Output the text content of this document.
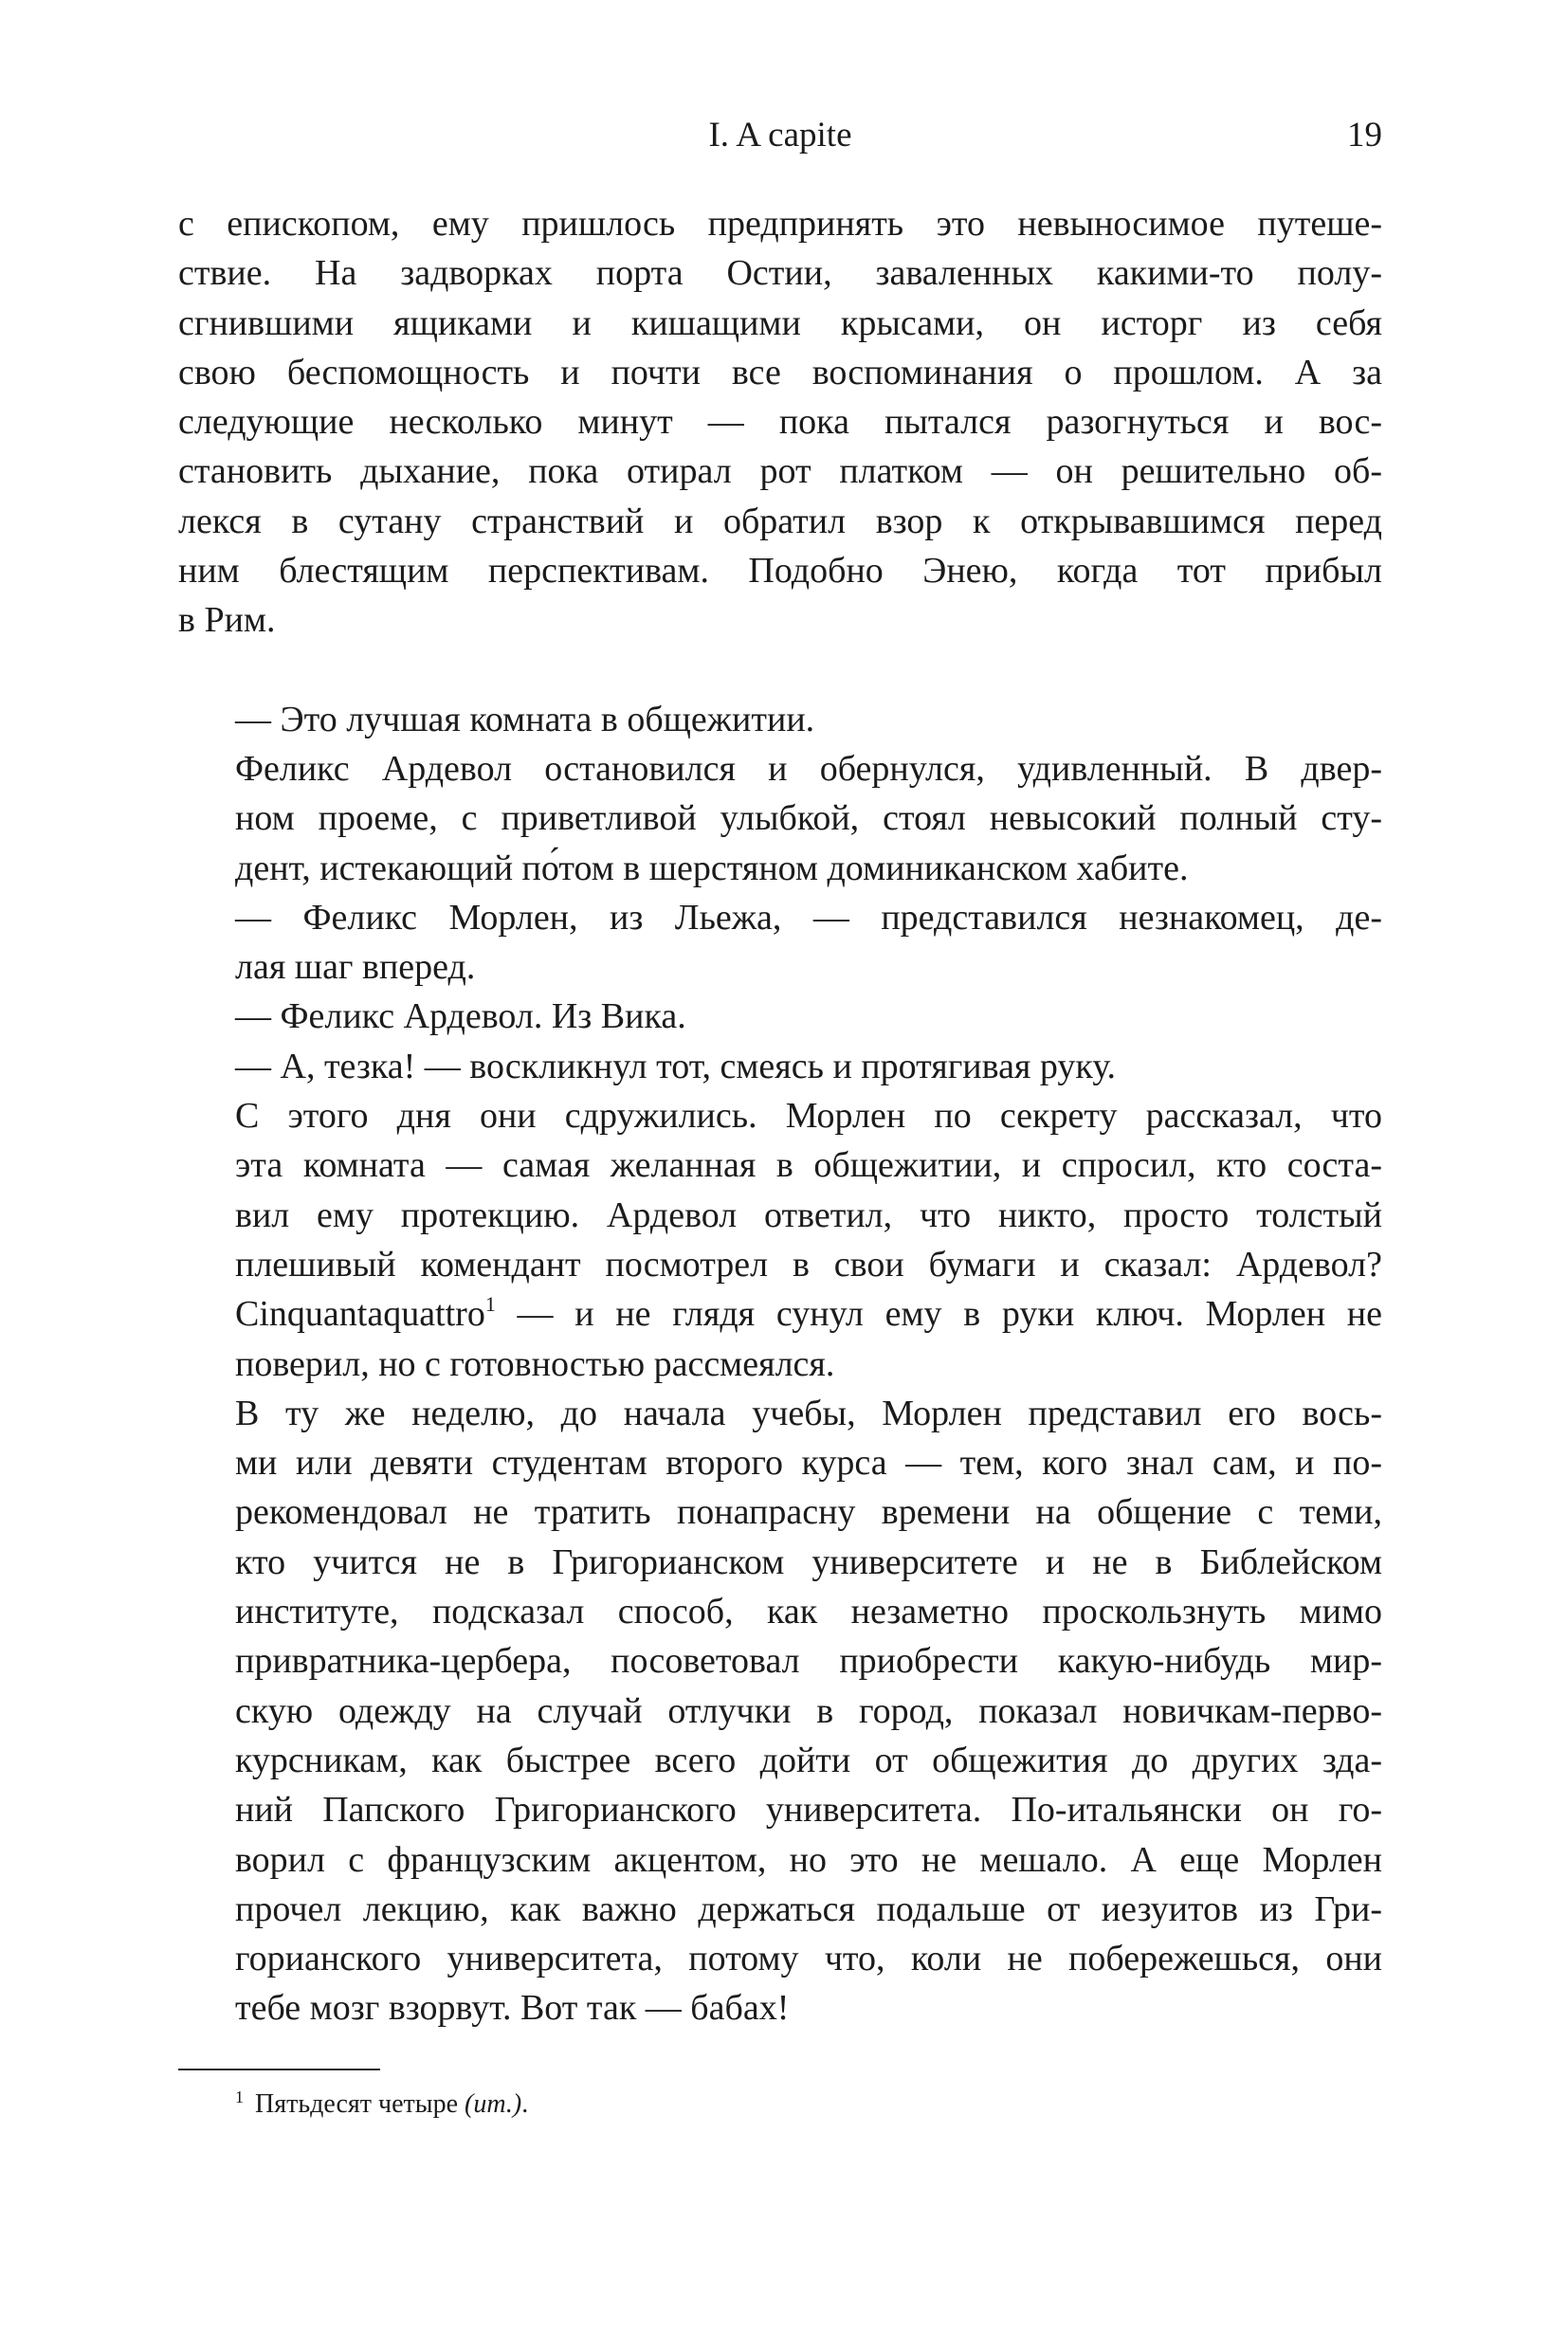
I. A capite	19

с епископом, ему пришлось предпринять это невыносимое путеше-
ствие. На задворках порта Остии, заваленных какими-то полу-
сгнившими ящиками и кишащими крысами, он исторг из себя
свою беспомощность и почти все воспоминания о прошлом. А за
следующие несколько минут — пока пытался разогнуться и вос-
становить дыхание, пока отирал рот платком — он решительно об-
лекся в сутану странствий и обратил взор к открывавшимся перед
ним блестящим перспективам. Подобно Энею, когда тот прибыл
в Рим.

— Это лучшая комната в общежитии.

Феликс Ардевол остановился и обернулся, удивленный. В двер-
ном проеме, с приветливой улыбкой, стоял невысокий полный сту-
дент, истекающий по́том в шерстяном доминиканском хабите.

— Феликс Морлен, из Льежа, — представился незнакомец, де-
лая шаг вперед.

— Феликс Ардевол. Из Вика.

— А, тезка! — воскликнул тот, смеясь и протягивая руку.

С этого дня они сдружились. Морлен по секрету рассказал, что
эта комната — самая желанная в общежитии, и спросил, кто соста-
вил ему протекцию. Ардевол ответил, что никто, просто толстый
плешивый комендант посмотрел в свои бумаги и сказал: Ардевол?
Cinquantaquattro$^1$ — и не глядя сунул ему в руки ключ. Морлен не
поверил, но с готовностью рассмеялся.

В ту же неделю, до начала учебы, Морлен представил его вось-
ми или девяти студентам второго курса — тем, кого знал сам, и по-
рекомендовал не тратить понапрасну времени на общение с теми,
кто учится не в Григорианском университете и не в Библейском
институте, подсказал способ, как незаметно проскользнуть мимо
привратника-цербера, посоветовал приобрести какую-нибудь мир-
скую одежду на случай отлучки в город, показал новичкам-перво-
курсникам, как быстрее всего дойти от общежития до других зда-
ний Папского Григорианского университета. По-итальянски он го-
ворил с французским акцентом, но это не мешало. А еще Морлен
прочел лекцию, как важно держаться подальше от иезуитов из Гри-
горианского университета, потому что, коли не побережешься, они
тебе мозг взорвут. Вот так — бабах!

$^1$ Пятьдесят четыре (ит.).
